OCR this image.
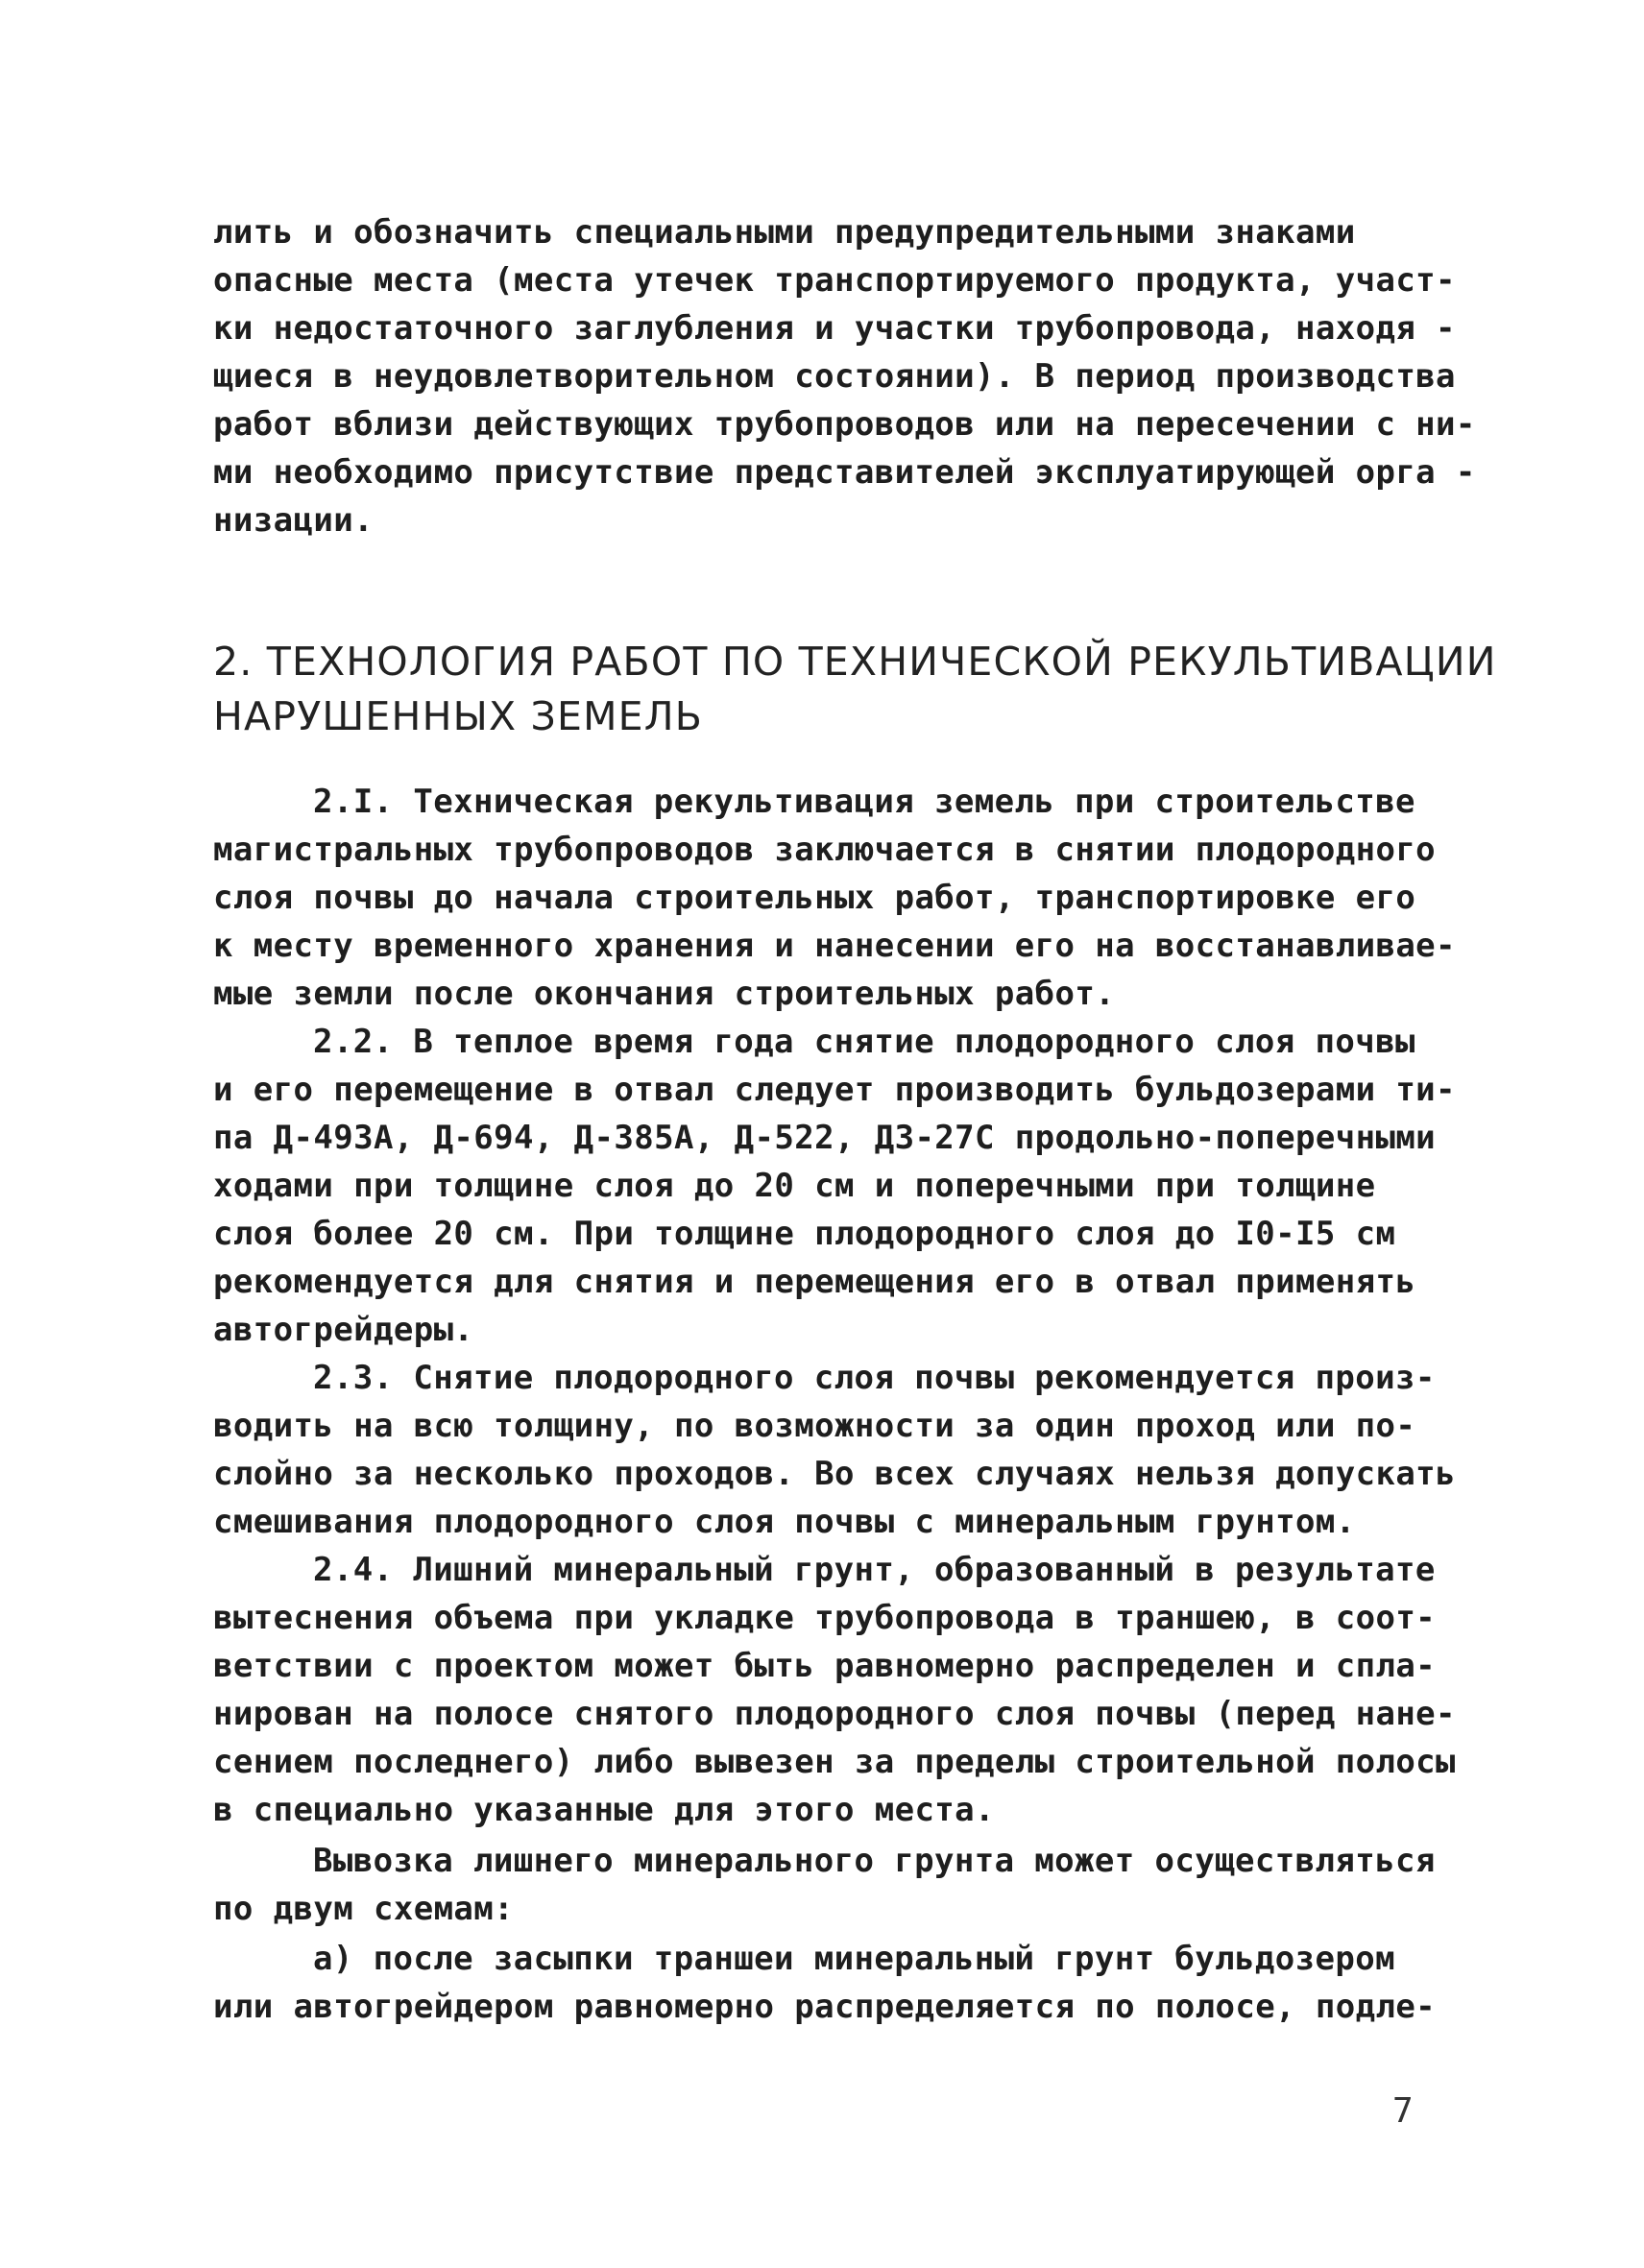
лить и обозначить специальными предупредительными знаками
опасные места (места утечек транспортируемого продукта, участ-
ки недостаточного заглубления и участки трубопровода, находя -
щиеся в неудовлетворительном состоянии). В период производства
работ вблизи действующих трубопроводов или на пересечении с ни-
ми необходимо присутствие представителей эксплуатирующей орга -
низации.
2. ТЕХНОЛОГИЯ РАБОТ ПО ТЕХНИЧЕСКОЙ РЕКУЛЬТИВАЦИИ
НАРУШЕННЫХ ЗЕМЕЛЬ
2.I. Техническая рекультивация земель при строительстве
магистральных трубопроводов заключается в снятии плодородного
слоя почвы до начала строительных работ, транспортировке его
к месту временного хранения и нанесении его на восстанавливае-
мые земли после окончания строительных работ.
2.2. В теплое время года снятие плодородного слоя почвы
и его перемещение в отвал следует производить бульдозерами ти-
па Д-493А, Д-694, Д-385А, Д-522, ДЗ-27С продольно-поперечными
ходами при толщине слоя до 20 см и поперечными при толщине
слоя более 20 см. При толщине плодородного слоя до I0-I5 см
рекомендуется для снятия и перемещения его в отвал применять
автогрейдеры.
2.3. Снятие плодородного слоя почвы рекомендуется произ-
водить на всю толщину, по возможности за один проход или по-
слойно за несколько проходов. Во всех случаях нельзя допускать
смешивания плодородного слоя почвы с минеральным грунтом.
2.4. Лишний минеральный грунт, образованный в результате
вытеснения объема при укладке трубопровода в траншею, в соот-
ветствии с проектом может быть равномерно распределен и спла-
нирован на полосе снятого плодородного слоя почвы (перед нане-
сением последнего) либо вывезен за пределы строительной полосы
в специально указанные для этого места.
Вывозка лишнего минерального грунта может осуществляться
по двум схемам:
а) после засыпки траншеи минеральный грунт бульдозером
или автогрейдером равномерно распределяется по полосе, подле-
7
